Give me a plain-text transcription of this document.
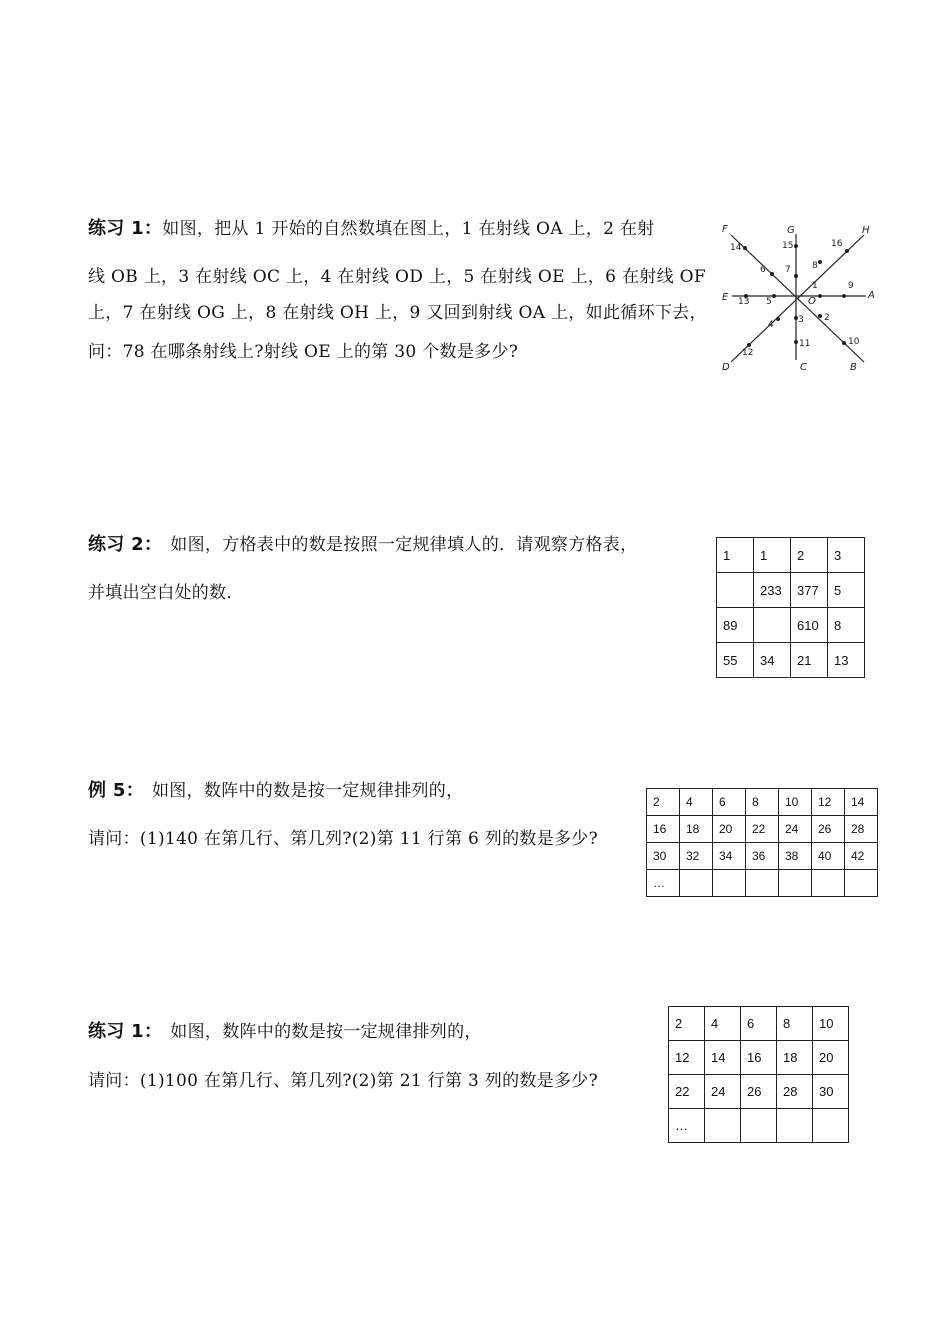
练习 1：如图，把从 1 开始的自然数填在图上，1 在射线 OA 上，2 在射
线 OB 上，3 在射线 OC 上，4 在射线 OD 上，5 在射线 OE 上，6 在射线 OF
上，7 在射线 OG 上，8 在射线 OH 上，9 又回到射线 OA 上，如此循环下去，
问：78 在哪条射线上?射线 OE 上的第 30 个数是多少?
A
B
C
D
E
F	G	H
O
1
2
3
4
5
6 7 8
9
10
11
12
13
14	15	16
练习 2： 如图，方格表中的数是按照一定规律填人的．请观察方格表，
并填出空白处的数．
1	1	2	3
	233	377	5
89		610	8
55	34	21	13
例 5： 如图，数阵中的数是按一定规律排列的，
请问：(1)140 在第几行、第几列?(2)第 11 行第 6 列的数是多少?
2	4	6	8	10	12	14
16	18	20	22	24	26	28
30	32	34	36	38	40	42
…						
练习 1： 如图，数阵中的数是按一定规律排列的，
请问：(1)100 在第几行、第几列?(2)第 21 行第 3 列的数是多少?
2	4	6	8	10
12	14	16	18	20
22	24	26	28	30
…				
